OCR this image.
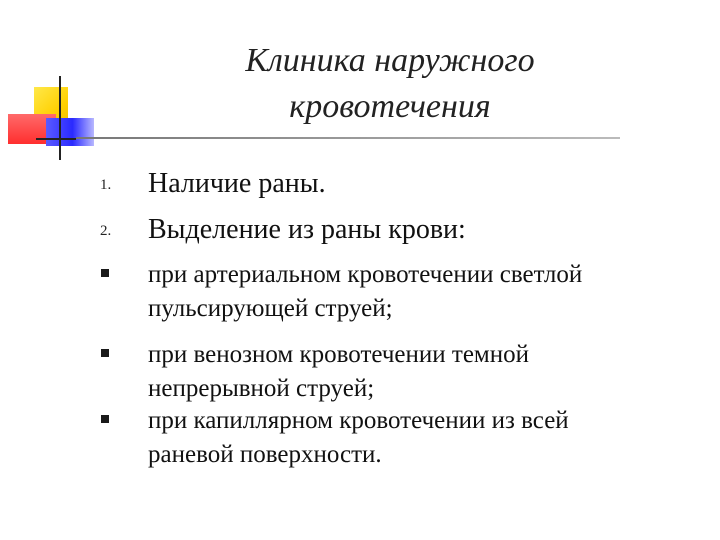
Клиника наружного
кровотечения
1. Наличие раны.
2. Выделение из раны крови:
при артериальном кровотечении светлой
пульсирующей струей;
при венозном кровотечении темной
непрерывной струей;
при капиллярном кровотечении из всей
раневой поверхности.
